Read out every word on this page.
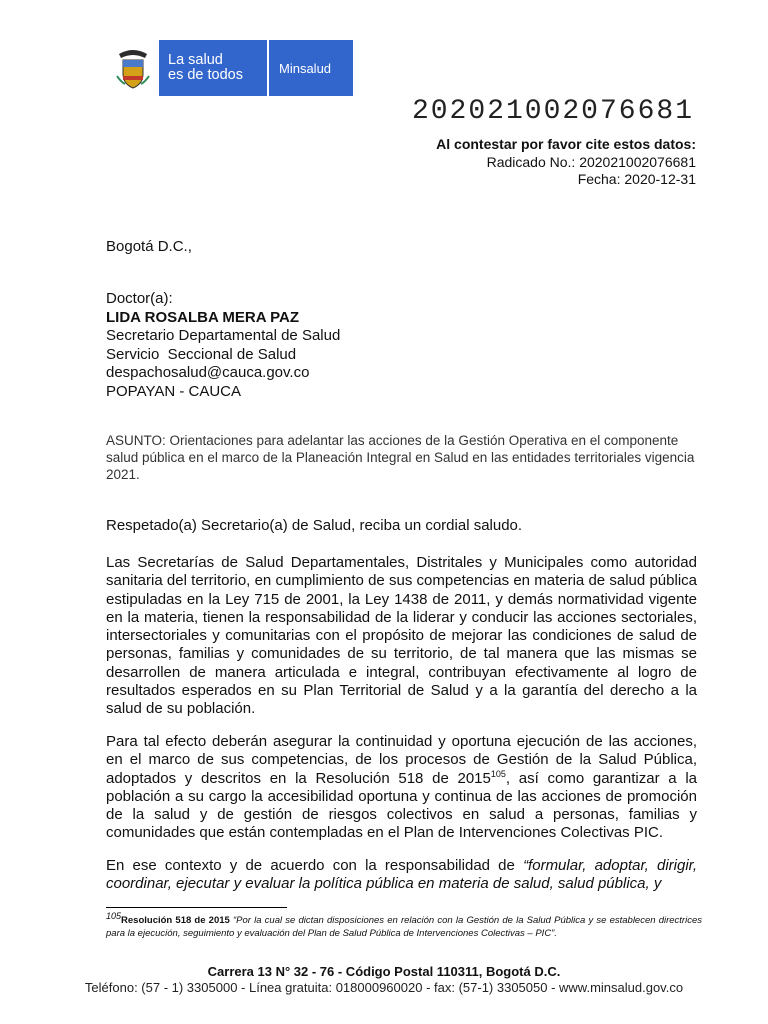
La salud
es de todos	Minsalud
202021002076681
Al contestar por favor cite estos datos:
Radicado No.: 202021002076681
Fecha: 2020-12-31
Bogotá D.C.,
Doctor(a):
LIDA ROSALBA MERA PAZ
Secretario Departamental de Salud
Servicio  Seccional de Salud
despachosalud@cauca.gov.co
POPAYAN - CAUCA
ASUNTO: Orientaciones para adelantar las acciones de la Gestión Operativa en el componente salud pública en el marco de la Planeación Integral en Salud en las entidades territoriales vigencia 2021.
Respetado(a) Secretario(a) de Salud, reciba un cordial saludo.
Las Secretarías de Salud Departamentales, Distritales y Municipales como autoridad sanitaria del territorio, en cumplimiento de sus competencias en materia de salud pública estipuladas en la Ley 715 de 2001, la Ley 1438 de 2011, y demás normatividad vigente en la materia, tienen la responsabilidad de la liderar y conducir las acciones sectoriales, intersectoriales y comunitarias con el propósito de mejorar las condiciones de salud de personas, familias y comunidades de su territorio, de tal manera que las mismas se desarrollen de manera articulada e integral, contribuyan efectivamente al logro de resultados esperados en su Plan Territorial de Salud y a la garantía del derecho a la salud de su población.
Para tal efecto deberán asegurar la continuidad y oportuna ejecución de las acciones, en el marco de sus competencias, de los procesos de Gestión de la Salud Pública, adoptados y descritos en la Resolución 518 de 2015$^{105}$, así como garantizar a la población a su cargo la accesibilidad oportuna y continua de las acciones de promoción de la salud y de gestión de riesgos colectivos en salud a personas, familias y comunidades que están contempladas en el Plan de Intervenciones Colectivas PIC.
En ese contexto y de acuerdo con la responsabilidad de “formular, adoptar, dirigir, coordinar, ejecutar y evaluar la política pública en materia de salud, salud pública, y
$^{105}$Resolución 518 de 2015 “Por la cual se dictan disposiciones en relación con la Gestión de la Salud Pública y se establecen directrices para la ejecución, seguimiento y evaluación del Plan de Salud Pública de Intervenciones Colectivas – PIC”.
Carrera 13 N° 32 - 76 - Código Postal 110311, Bogotá D.C.
Teléfono: (57 - 1) 3305000 - Línea gratuita: 018000960020 - fax: (57-1) 3305050 - www.minsalud.gov.co
